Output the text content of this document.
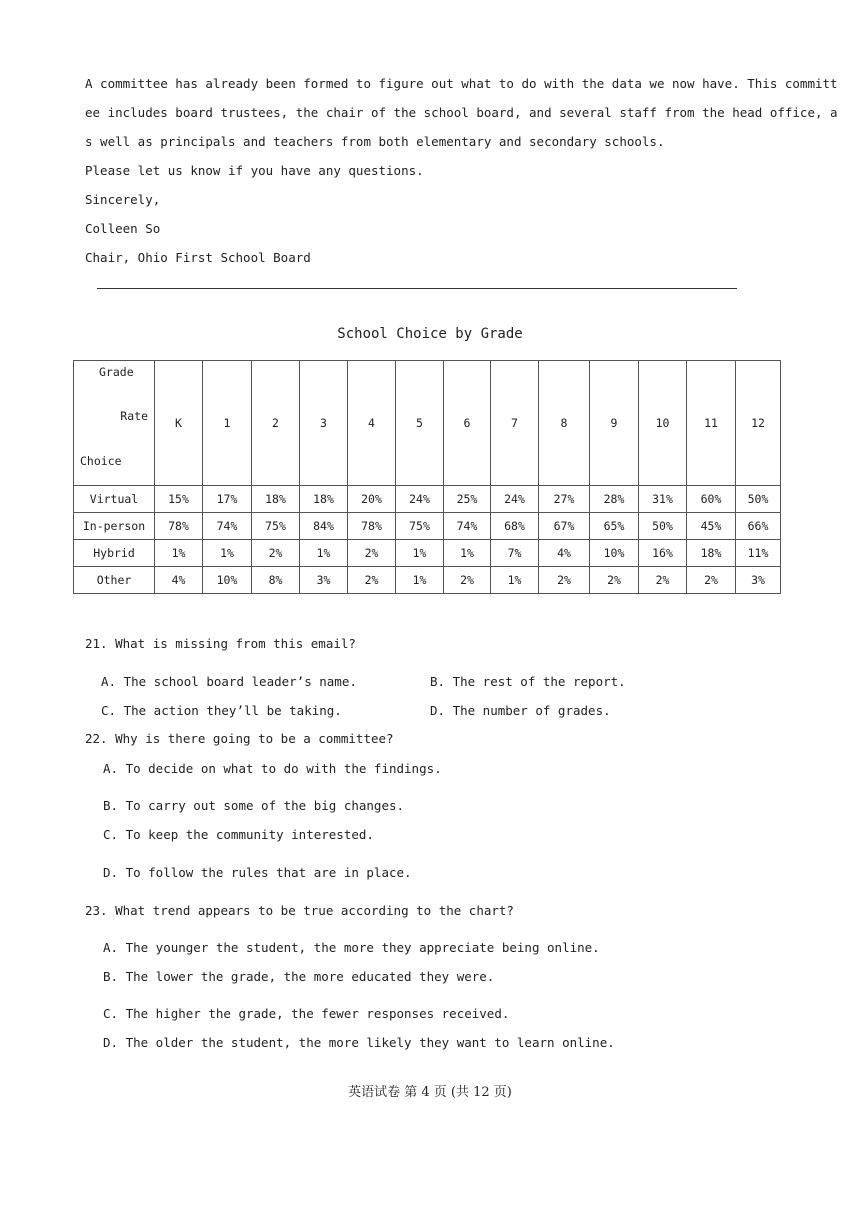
A committee has already been formed to figure out what to do with the data we now have. This committ
ee includes board trustees, the chair of the school board, and several staff from the head office, a
s well as principals and teachers from both elementary and secondary schools.
Please let us know if you have any questions.
Sincerely,
Colleen So
Chair, Ohio First School Board
School Choice by Grade
Grade
Rate
Choice	K	1	2	3	4	5	6	7	8	9	10	11	12
Virtual	15%	17%	18%	18%	20%	24%	25%	24%	27%	28%	31%	60%	50%
In-person	78%	74%	75%	84%	78%	75%	74%	68%	67%	65%	50%	45%	66%
Hybrid	1%	1%	2%	1%	2%	1%	1%	7%	4%	10%	16%	18%	11%
Other	4%	10%	8%	3%	2%	1%	2%	1%	2%	2%	2%	2%	3%
21. What is missing from this email?
A. The school board leader’s name.	B. The rest of the report.
C. The action they’ll be taking.	D. The number of grades.
22. Why is there going to be a committee?
A. To decide on what to do with the findings.
B. To carry out some of the big changes.
C. To keep the community interested.
D. To follow the rules that are in place.
23. What trend appears to be true according to the chart?
A. The younger the student, the more they appreciate being online.
B. The lower the grade, the more educated they were.
C. The higher the grade, the fewer responses received.
D. The older the student, the more likely they want to learn online.
英语试卷 第 4 页 (共 12 页)
